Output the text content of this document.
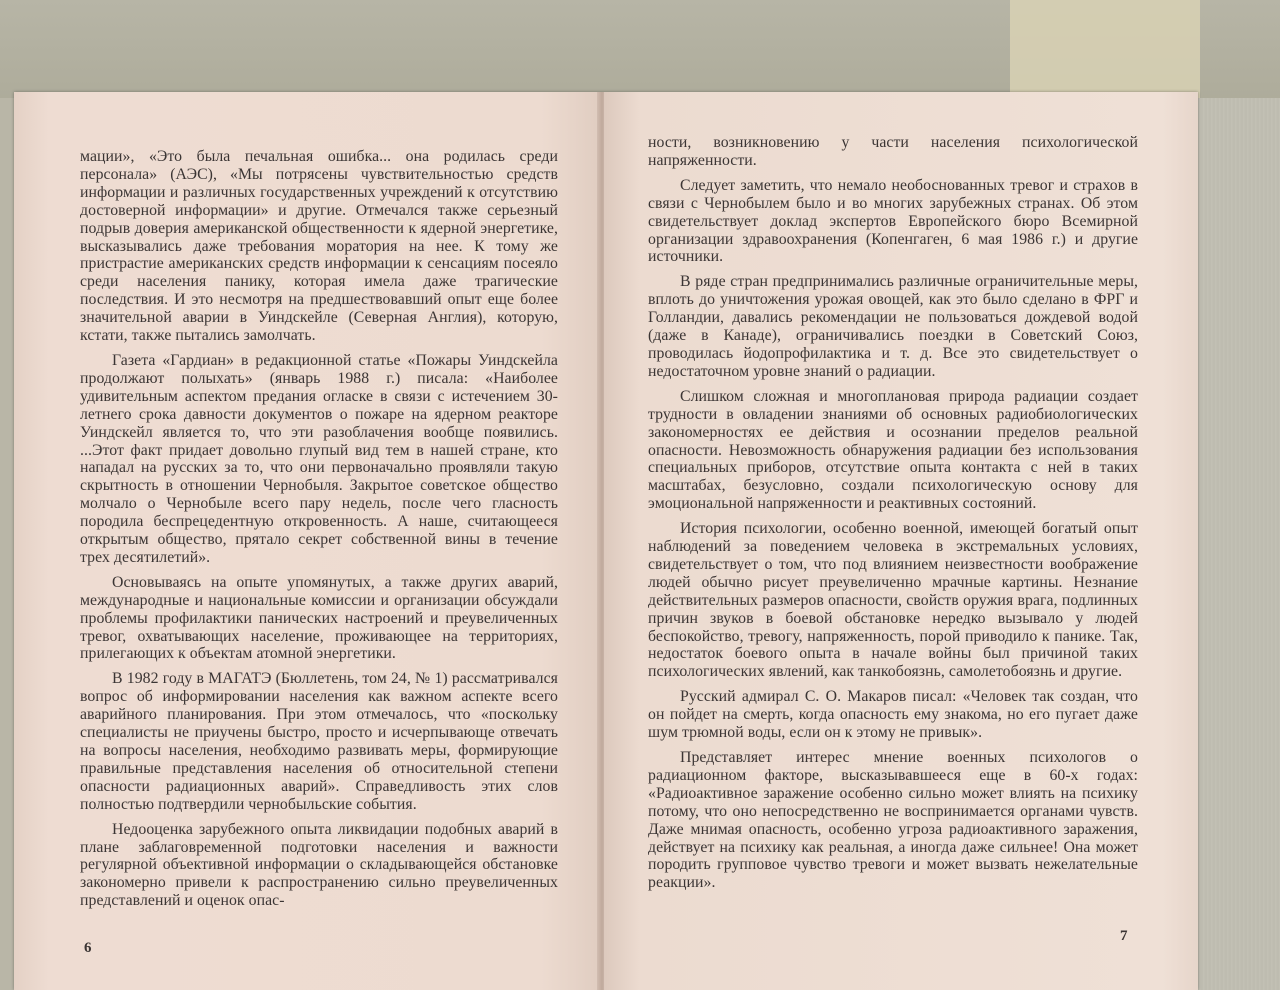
мации», «Это была печальная ошибка... она родилась среди персонала» (АЭС), «Мы потрясены чувствительностью средств информации и различных государственных учреждений к отсутствию достоверной информации» и другие. Отмечался также серьезный подрыв доверия американской общественности к ядерной энергетике, высказывались даже требования моратория на нее. К тому же пристрастие американских средств информации к сенсациям посеяло среди населения панику, которая имела даже трагические последствия. И это несмотря на предшествовавший опыт еще более значительной аварии в Уиндскейле (Северная Англия), которую, кстати, также пытались замолчать.

Газета «Гардиан» в редакционной статье «Пожары Уиндскейла продолжают полыхать» (январь 1988 г.) писала: «Наиболее удивительным аспектом предания огласке в связи с истечением 30-летнего срока давности документов о пожаре на ядерном реакторе Уиндскейл является то, что эти разоблачения вообще появились. ...Этот факт придает довольно глупый вид тем в нашей стране, кто нападал на русских за то, что они первоначально проявляли такую скрытность в отношении Чернобыля. Закрытое советское общество молчало о Чернобыле всего пару недель, после чего гласность породила беспрецедентную откровенность. А наше, считающееся открытым общество, прятало секрет собственной вины в течение трех десятилетий».

Основываясь на опыте упомянутых, а также других аварий, международные и национальные комиссии и организации обсуждали проблемы профилактики панических настроений и преувеличенных тревог, охватывающих население, проживающее на территориях, прилегающих к объектам атомной энергетики.

В 1982 году в МАГАТЭ (Бюллетень, том 24, № 1) рассматривался вопрос об информировании населения как важном аспекте всего аварийного планирования. При этом отмечалось, что «поскольку специалисты не приучены быстро, просто и исчерпывающе отвечать на вопросы населения, необходимо развивать меры, формирующие правильные представления населения об относительной степени опасности радиационных аварий». Справедливость этих слов полностью подтвердили чернобыльские события.

Недооценка зарубежного опыта ликвидации подобных аварий в плане заблаговременной подготовки населения и важности регулярной объективной информации о складывающейся обстановке закономерно привели к распространению сильно преувеличенных представлений и оценок опас-

6

ности, возникновению у части населения психологической напряженности.

Следует заметить, что немало необоснованных тревог и страхов в связи с Чернобылем было и во многих зарубежных странах. Об этом свидетельствует доклад экспертов Европейского бюро Всемирной организации здравоохранения (Копенгаген, 6 мая 1986 г.) и другие источники.

В ряде стран предпринимались различные ограничительные меры, вплоть до уничтожения урожая овощей, как это было сделано в ФРГ и Голландии, давались рекомендации не пользоваться дождевой водой (даже в Канаде), ограничивались поездки в Советский Союз, проводилась йодопрофилактика и т. д. Все это свидетельствует о недостаточном уровне знаний о радиации.

Слишком сложная и многоплановая природа радиации создает трудности в овладении знаниями об основных радиобиологических закономерностях ее действия и осознании пределов реальной опасности. Невозможность обнаружения радиации без использования специальных приборов, отсутствие опыта контакта с ней в таких масштабах, безусловно, создали психологическую основу для эмоциональной напряженности и реактивных состояний.

История психологии, особенно военной, имеющей богатый опыт наблюдений за поведением человека в экстремальных условиях, свидетельствует о том, что под влиянием неизвестности воображение людей обычно рисует преувеличенно мрачные картины. Незнание действительных размеров опасности, свойств оружия врага, подлинных причин звуков в боевой обстановке нередко вызывало у людей беспокойство, тревогу, напряженность, порой приводило к панике. Так, недостаток боевого опыта в начале войны был причиной таких психологических явлений, как танкобоязнь, самолетобоязнь и другие.

Русский адмирал С. О. Макаров писал: «Человек так создан, что он пойдет на смерть, когда опасность ему знакома, но его пугает даже шум трюмной воды, если он к этому не привык».

Представляет интерес мнение военных психологов о радиационном факторе, высказывавшееся еще в 60-х годах: «Радиоактивное заражение особенно сильно может влиять на психику потому, что оно непосредственно не воспринимается органами чувств. Даже мнимая опасность, особенно угроза радиоактивного заражения, действует на психику как реальная, а иногда даже сильнее! Она может породить групповое чувство тревоги и может вызвать нежелательные реакции».

7
